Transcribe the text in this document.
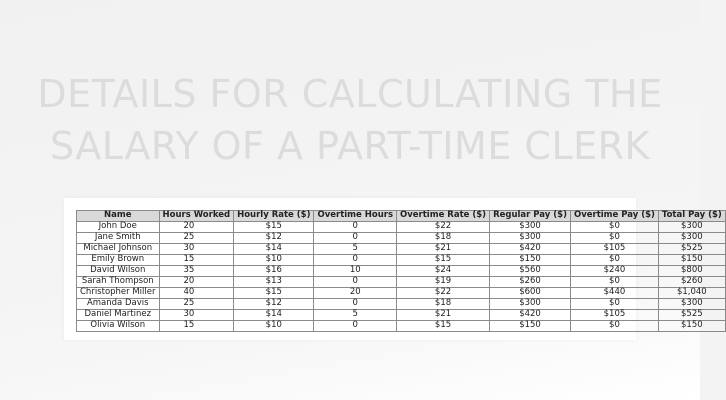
DETAILS FOR CALCULATING THE
SALARY OF A PART-TIME CLERK
Name	Hours Worked	Hourly Rate ($)	Overtime Hours	Overtime Rate ($)	Regular Pay ($)	Overtime Pay ($)	Total Pay ($)
John Doe	20	$15	0	$22	$300	$0	$300
Jane Smith	25	$12	0	$18	$300	$0	$300
Michael Johnson	30	$14	5	$21	$420	$105	$525
Emily Brown	15	$10	0	$15	$150	$0	$150
David Wilson	35	$16	10	$24	$560	$240	$800
Sarah Thompson	20	$13	0	$19	$260	$0	$260
Christopher Miller	40	$15	20	$22	$600	$440	$1,040
Amanda Davis	25	$12	0	$18	$300	$0	$300
Daniel Martinez	30	$14	5	$21	$420	$105	$525
Olivia Wilson	15	$10	0	$15	$150	$0	$150
